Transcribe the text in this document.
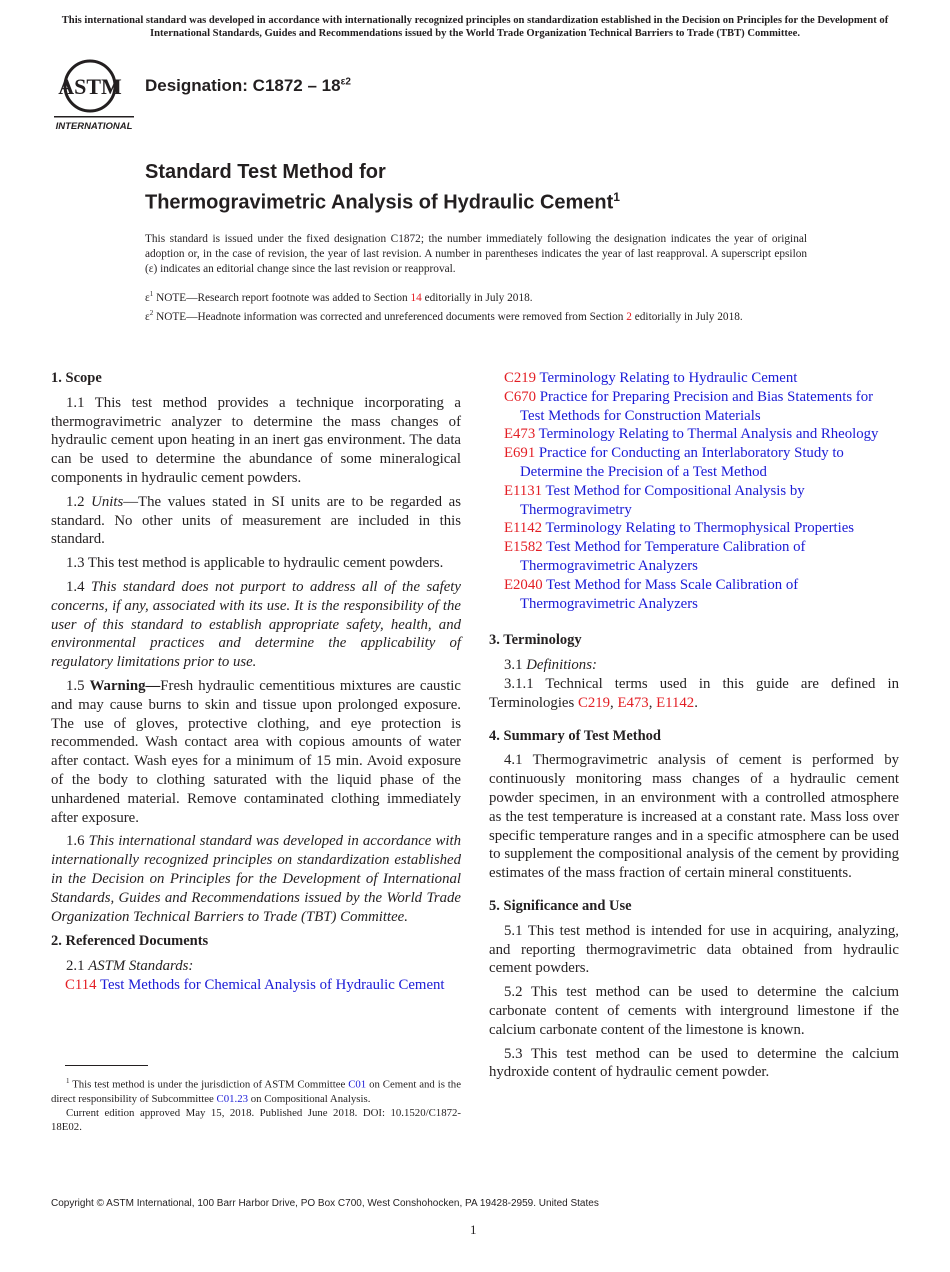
This international standard was developed in accordance with internationally recognized principles on standardization established in the Decision on Principles for the Development of International Standards, Guides and Recommendations issued by the World Trade Organization Technical Barriers to Trade (TBT) Committee.
ASTM
INTERNATIONAL
Designation: $C1872 - 18^{\varepsilon 2}$
Standard Test Method for
Thermogravimetric Analysis of Hydraulic Cement$^1$
This standard is issued under the fixed designation C1872; the number immediately following the designation indicates the year of original adoption or, in the case of revision, the year of last revision. A number in parentheses indicates the year of last reapproval. A superscript epsilon (ε) indicates an editorial change since the last revision or reapproval.
$\varepsilon^1$ NOTE—Research report footnote was added to Section 14 editorially in July 2018.
$\varepsilon^2$ NOTE—Headnote information was corrected and unreferenced documents were removed from Section 2 editorially in July 2018.
1. Scope
1.1 This test method provides a technique incorporating a thermogravimetric analyzer to determine the mass changes of hydraulic cement upon heating in an inert gas environment. The data can be used to determine the abundance of some mineralogical components in hydraulic cement powders.
1.2 Units—The values stated in SI units are to be regarded as standard. No other units of measurement are included in this standard.
1.3 This test method is applicable to hydraulic cement powders.
1.4 This standard does not purport to address all of the safety concerns, if any, associated with its use. It is the responsibility of the user of this standard to establish appropriate safety, health, and environmental practices and determine the applicability of regulatory limitations prior to use.
1.5 Warning—Fresh hydraulic cementitious mixtures are caustic and may cause burns to skin and tissue upon prolonged exposure. The use of gloves, protective clothing, and eye protection is recommended. Wash contact area with copious amounts of water after contact. Wash eyes for a minimum of 15 min. Avoid exposure of the body to clothing saturated with the liquid phase of the unhardened material. Remove contaminated clothing immediately after exposure.
1.6 This international standard was developed in accordance with internationally recognized principles on standardization established in the Decision on Principles for the Development of International Standards, Guides and Recommendations issued by the World Trade Organization Technical Barriers to Trade (TBT) Committee.
2. Referenced Documents
2.1 ASTM Standards:
C114 Test Methods for Chemical Analysis of Hydraulic Cement
$^1$ This test method is under the jurisdiction of ASTM Committee C01 on Cement and is the direct responsibility of Subcommittee C01.23 on Compositional Analysis.
Current edition approved May 15, 2018. Published June 2018. DOI: 10.1520/C1872-18E02.
C219 Terminology Relating to Hydraulic Cement
C670 Practice for Preparing Precision and Bias Statements for Test Methods for Construction Materials
E473 Terminology Relating to Thermal Analysis and Rheology
E691 Practice for Conducting an Interlaboratory Study to Determine the Precision of a Test Method
E1131 Test Method for Compositional Analysis by Thermogravimetry
E1142 Terminology Relating to Thermophysical Properties
E1582 Test Method for Temperature Calibration of Thermogravimetric Analyzers
E2040 Test Method for Mass Scale Calibration of Thermogravimetric Analyzers
3. Terminology
3.1 Definitions:
3.1.1 Technical terms used in this guide are defined in Terminologies C219, E473, E1142.
4. Summary of Test Method
4.1 Thermogravimetric analysis of cement is performed by continuously monitoring mass changes of a hydraulic cement powder specimen, in an environment with a controlled atmosphere as the test temperature is increased at a constant rate. Mass loss over specific temperature ranges and in a specific atmosphere can be used to supplement the compositional analysis of the cement by providing estimates of the mass fraction of certain mineral constituents.
5. Significance and Use
5.1 This test method is intended for use in acquiring, analyzing, and reporting thermogravimetric data obtained from hydraulic cement powders.
5.2 This test method can be used to determine the calcium carbonate content of cements with interground limestone if the calcium carbonate content of the limestone is known.
5.3 This test method can be used to determine the calcium hydroxide content of hydraulic cement powder.
Copyright © ASTM International, 100 Barr Harbor Drive, PO Box C700, West Conshohocken, PA 19428-2959. United States
1
